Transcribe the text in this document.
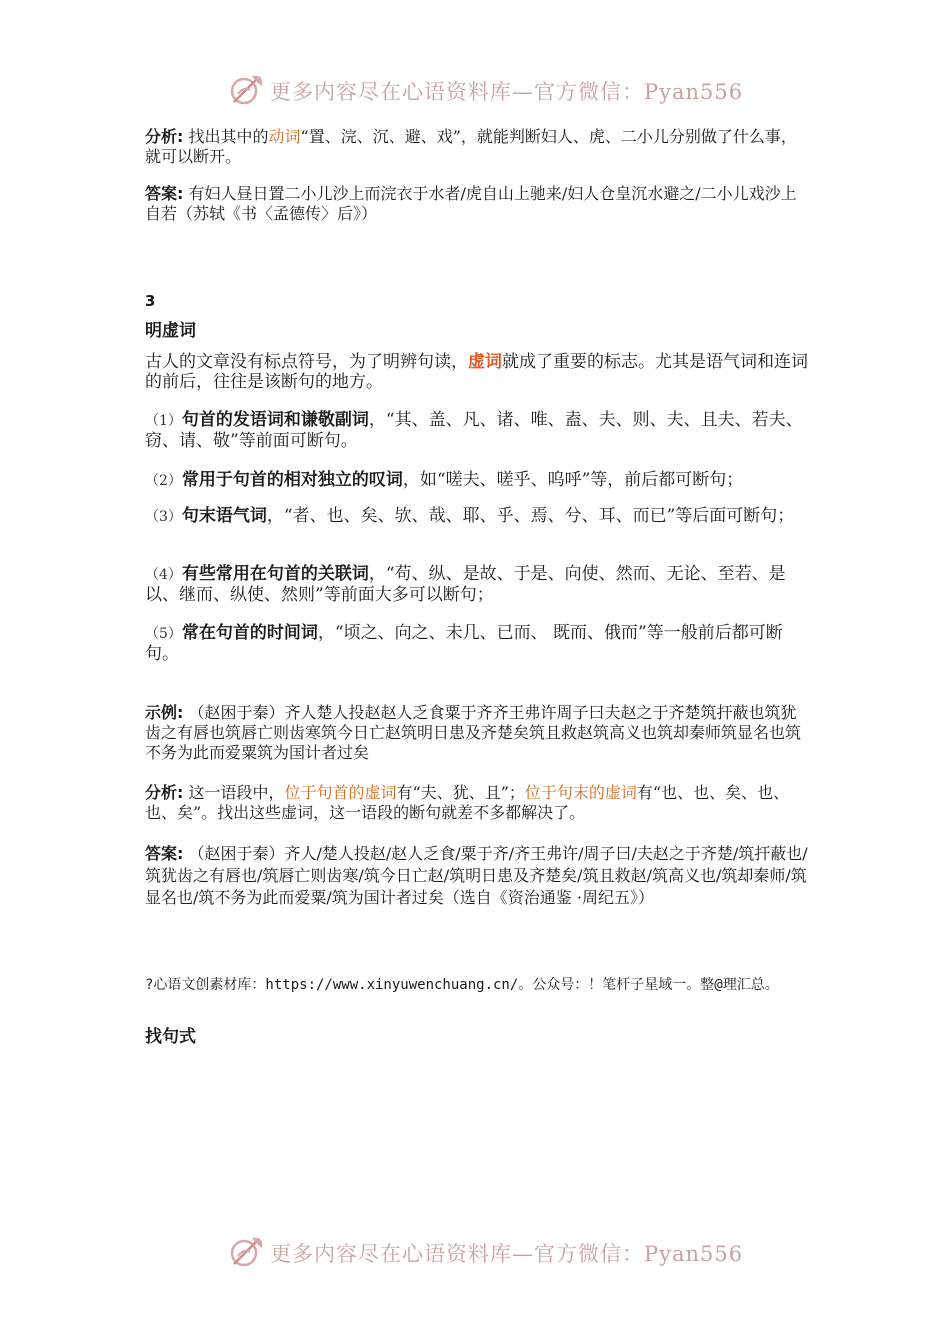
更多内容尽在心语资料库—官方微信：Pyan556
分析: 找出其中的动词“置、浣、沉、避、戏”，就能判断妇人、虎、二小儿分别做了什么事，就可以断开。
答案: 有妇人昼日置二小儿沙上而浣衣于水者/虎自山上驰来/妇人仓皇沉水避之/二小儿戏沙上自若（苏轼《书〈孟德传〉后》）
3
明虚词
古人的文章没有标点符号，为了明辨句读，虚词就成了重要的标志。尤其是语气词和连词的前后，往往是该断句的地方。
（1）句首的发语词和谦敬副词，“其、盖、凡、诸、唯、盍、夫、则、夫、且夫、若夫、窃、请、敬”等前面可断句。
（2）常用于句首的相对独立的叹词，如“嗟夫、嗟乎、呜呼”等，前后都可断句；
（3）句末语气词，“者、也、矣、欤、哉、耶、乎、焉、兮、耳、而已”等后面可断句；
（4）有些常用在句首的关联词，“苟、纵、是故、于是、向使、然而、无论、至若、是以、继而、纵使、然则”等前面大多可以断句；
（5）常在句首的时间词，“顷之、向之、未几、已而、 既而、俄而”等一般前后都可断句。
示例: （赵困于秦）齐人楚人投赵赵人乏食粟于齐齐王弗许周子曰夫赵之于齐楚筑扞蔽也筑犹齿之有唇也筑唇亡则齿寒筑今日亡赵筑明日患及齐楚矣筑且救赵筑高义也筑却秦师筑显名也筑不务为此而爱粟筑为国计者过矣
分析: 这一语段中，位于句首的虚词有“夫、犹、且”；位于句末的虚词有“也、也、矣、也、也、矣”。找出这些虚词，这一语段的断句就差不多都解决了。
答案: （赵困于秦）齐人/楚人投赵/赵人乏食/粟于齐/齐王弗许/周子曰/夫赵之于齐楚/筑扞蔽也/筑犹齿之有唇也/筑唇亡则齿寒/筑今日亡赵/筑明日患及齐楚矣/筑且救赵/筑高义也/筑却秦师/筑显名也/筑不务为此而爱粟/筑为国计者过矣（选自《资治通鉴 ·周纪五》）
?心语文创素材库：https://www.xinyuwenchuang.cn/。公众号：！笔杆子星域一。整@理汇总。
找句式
更多内容尽在心语资料库—官方微信：Pyan556
